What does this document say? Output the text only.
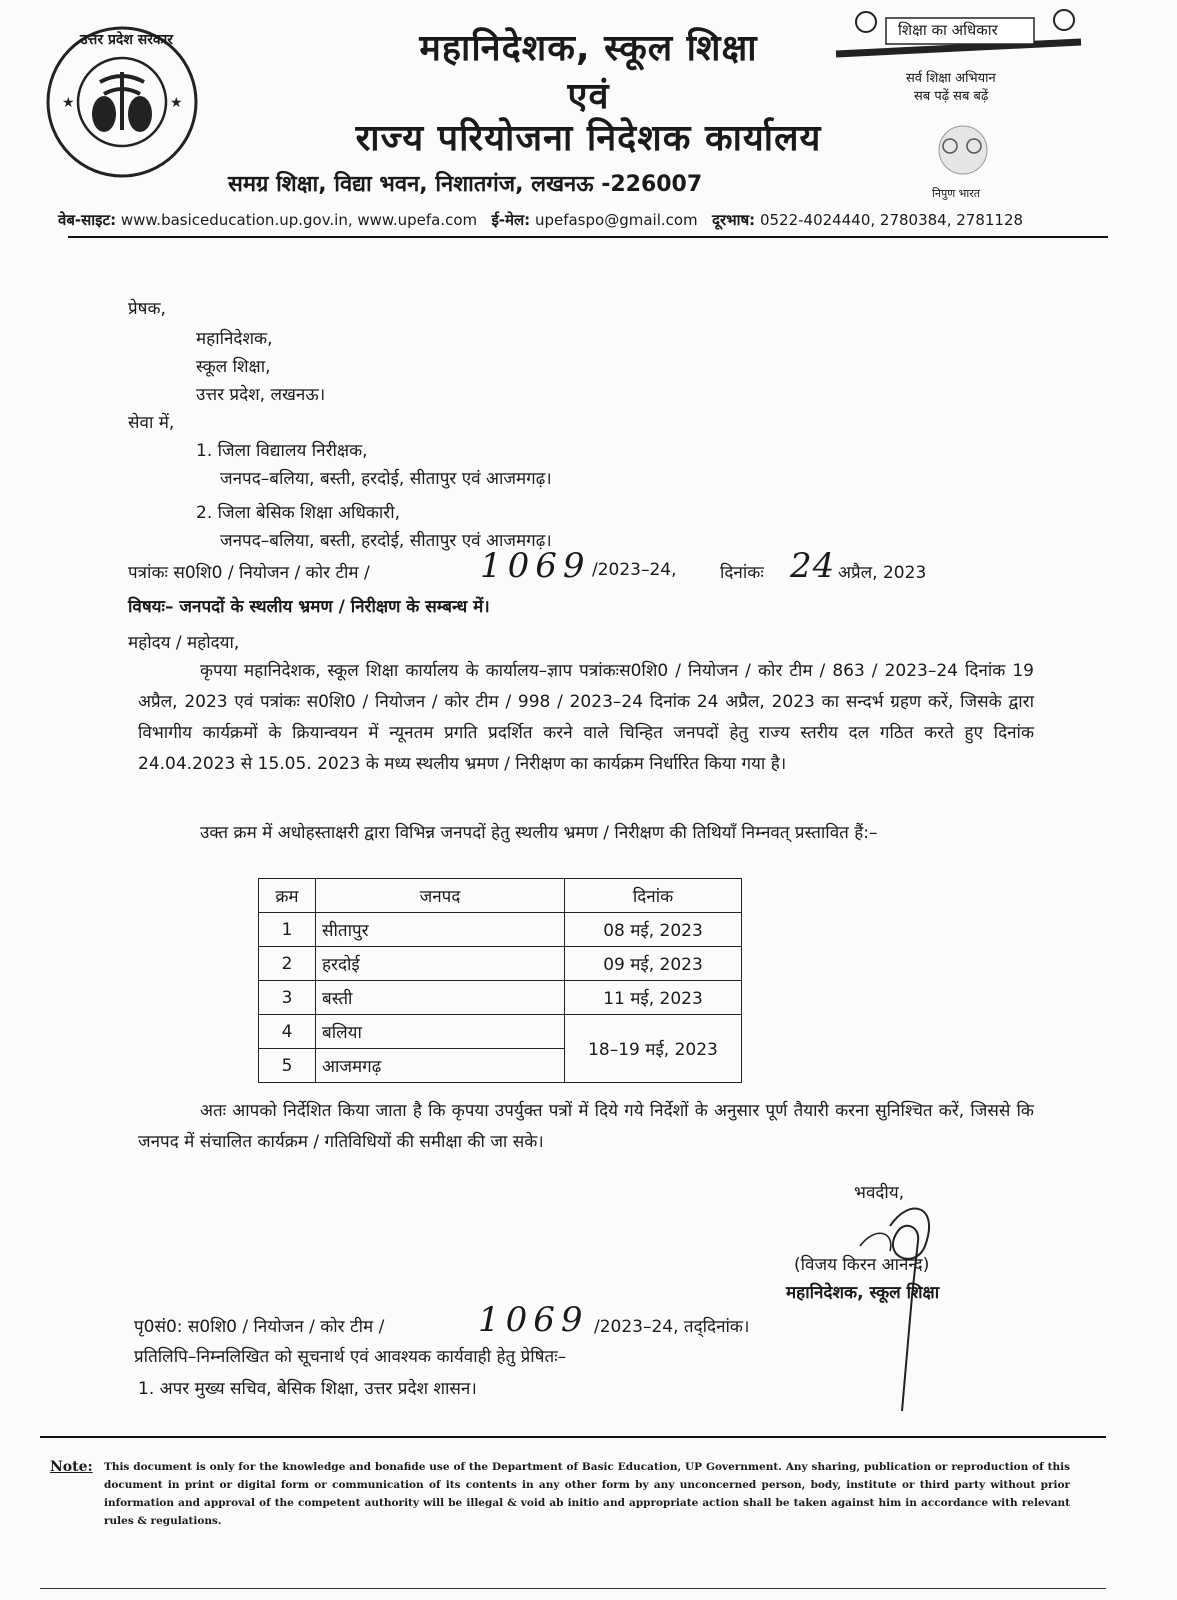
★	★
उत्तर प्रदेश सरकार	महानिदेशक, स्कूल शिक्षा
एवं
राज्य परियोजना निदेशक कार्यालय
समग्र शिक्षा, विद्या भवन, निशातगंज, लखनऊ -226007
शिक्षा का अधिकार
सर्व शिक्षा अभियान
सब पढ़ें सब बढ़ें
निपुण भारत
वेब-साइट: www.basiceducation.up.gov.in, www.upefa.com ई-मेल: upefaspo@gmail.com दूरभाष: 0522-4024440, 2780384, 2781128
प्रेषक,
महानिदेशक,
स्कूल शिक्षा,
उत्तर प्रदेश, लखनऊ।
सेवा में,
1. जिला विद्यालय निरीक्षक,
जनपद–बलिया, बस्ती, हरदोई, सीतापुर एवं आजमगढ़।
2. जिला बेसिक शिक्षा अधिकारी,
जनपद–बलिया, बस्ती, हरदोई, सीतापुर एवं आजमगढ़।
पत्रांकः स0शि0 / नियोजन / कोर टीम /	1069 /2023–24,	दिनांकः 24 अप्रैल, 2023
विषयः– जनपदों के स्थलीय भ्रमण / निरीक्षण के सम्बन्ध में।
महोदय / महोदया,
कृपया महानिदेशक, स्कूल शिक्षा कार्यालय के कार्यालय–ज्ञाप पत्रांकःस0शि0 / नियोजन / कोर टीम / 863 / 2023–24 दिनांक 19 अप्रैल, 2023 एवं पत्रांकः स0शि0 / नियोजन / कोर टीम / 998 / 2023–24 दिनांक 24 अप्रैल, 2023 का सन्दर्भ ग्रहण करें, जिसके द्वारा विभागीय कार्यक्रमों के क्रियान्वयन में न्यूनतम प्रगति प्रदर्शित करने वाले चिन्हित जनपदों हेतु राज्य स्तरीय दल गठित करते हुए दिनांक 24.04.2023 से 15.05. 2023 के मध्य स्थलीय भ्रमण / निरीक्षण का कार्यक्रम निर्धारित किया गया है।
उक्त क्रम में अधोहस्ताक्षरी द्वारा विभिन्न जनपदों हेतु स्थलीय भ्रमण / निरीक्षण की तिथियाँ निम्नवत् प्रस्तावित हैं:–
क्रम	जनपद	दिनांक
1	सीतापुर	08 मई, 2023
2	हरदोई	09 मई, 2023
3	बस्ती	11 मई, 2023
4	बलिया	18–19 मई, 2023
5	आजमगढ़	
अतः आपको निर्देशित किया जाता है कि कृपया उपर्युक्त पत्रों में दिये गये निर्देशों के अनुसार पूर्ण तैयारी करना सुनिश्चित करें, जिससे कि जनपद में संचालित कार्यक्रम / गतिविधियों की समीक्षा की जा सके।
भवदीय,
(विजय किरन आनन्द)
महानिदेशक, स्कूल शिक्षा
पृ0सं0: स0शि0 / नियोजन / कोर टीम /	1069 /2023–24, तद्‌दिनांक।
प्रतिलिपि–निम्नलिखित को सूचनार्थ एवं आवश्यक कार्यवाही हेतु प्रेषितः–
1. अपर मुख्य सचिव, बेसिक शिक्षा, उत्तर प्रदेश शासन।
Note: This document is only for the knowledge and bonafide use of the Department of Basic Education, UP Government. Any sharing, publication or reproduction of this document in print or digital form or communication of its contents in any other form by any unconcerned person, body, institute or third party without prior information and approval of the competent authority will be illegal & void ab initio and appropriate action shall be taken against him in accordance with relevant rules & regulations.
